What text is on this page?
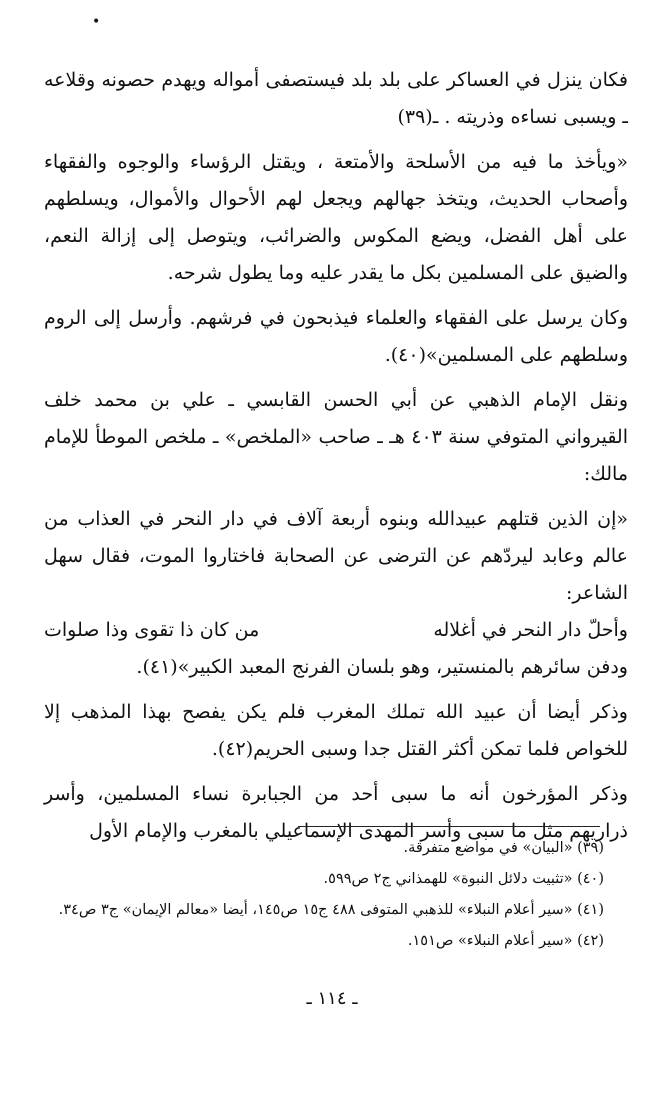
•

فكان ينزل في العساكر على بلد بلد فيستصفى أمواله ويهدم حصونه وقلاعه ـ ويسبى نساءه وذريته . ـ(٣٩)

«ويأخذ ما فيه من الأسلحة والأمتعة ، ويقتل الرؤساء والوجوه والفقهاء وأصحاب الحديث، ويتخذ جهالهم ويجعل لهم الأحوال والأموال، ويسلطهم على أهل الفضل، ويضع المكوس والضرائب، ويتوصل إلى إزالة النعم، والضيق على المسلمين بكل ما يقدر عليه وما يطول شرحه.

وكان يرسل على الفقهاء والعلماء فيذبحون في فرشهم. وأرسل إلى الروم وسلطهم على المسلمين»(٤٠).

ونقل الإمام الذهبي عن أبي الحسن القابسي ـ علي بن محمد خلف القيرواني المتوفي سنة ٤٠٣ هـ ـ صاحب «الملخص» ـ ملخص الموطأ للإمام مالك:

«إن الذين قتلهم عبيدالله وبنوه أربعة آلاف في دار النحر في العذاب من عالم وعابد ليردّهم عن الترضى عن الصحابة فاختاروا الموت، فقال سهل الشاعر:

وأحلّ دار النحر في أغلاله
من كان ذا تقوى وذا صلوات

ودفن سائرهم بالمنستير، وهو بلسان الفرنج المعبد الكبير»(٤١).

وذكر أيضا أن عبيد الله تملك المغرب فلم يكن يفصح بهذا المذهب إلا للخواص فلما تمكن أكثر القتل جدا وسبى الحريم(٤٢).

وذكر المؤرخون أنه ما سبى أحد من الجبابرة نساء المسلمين، وأسر ذراريهم مثل ما سبى وأسر المهدى الإسماعيلي بالمغرب والإمام الأول

(٣٩) «البيان» في مواضع متفرقة.

(٤٠) «تثبيت دلائل النبوة» للهمذاني ج٢ ص٥٩٩.

(٤١) «سير أعلام النبلاء» للذهبي المتوفى ٤٨٨ ج١٥ ص١٤٥، أيضا «معالم الإيمان» ج٣ ص٣٤.

(٤٢) «سير أعلام النبلاء» ص١٥١.

ـ ١١٤ ـ
